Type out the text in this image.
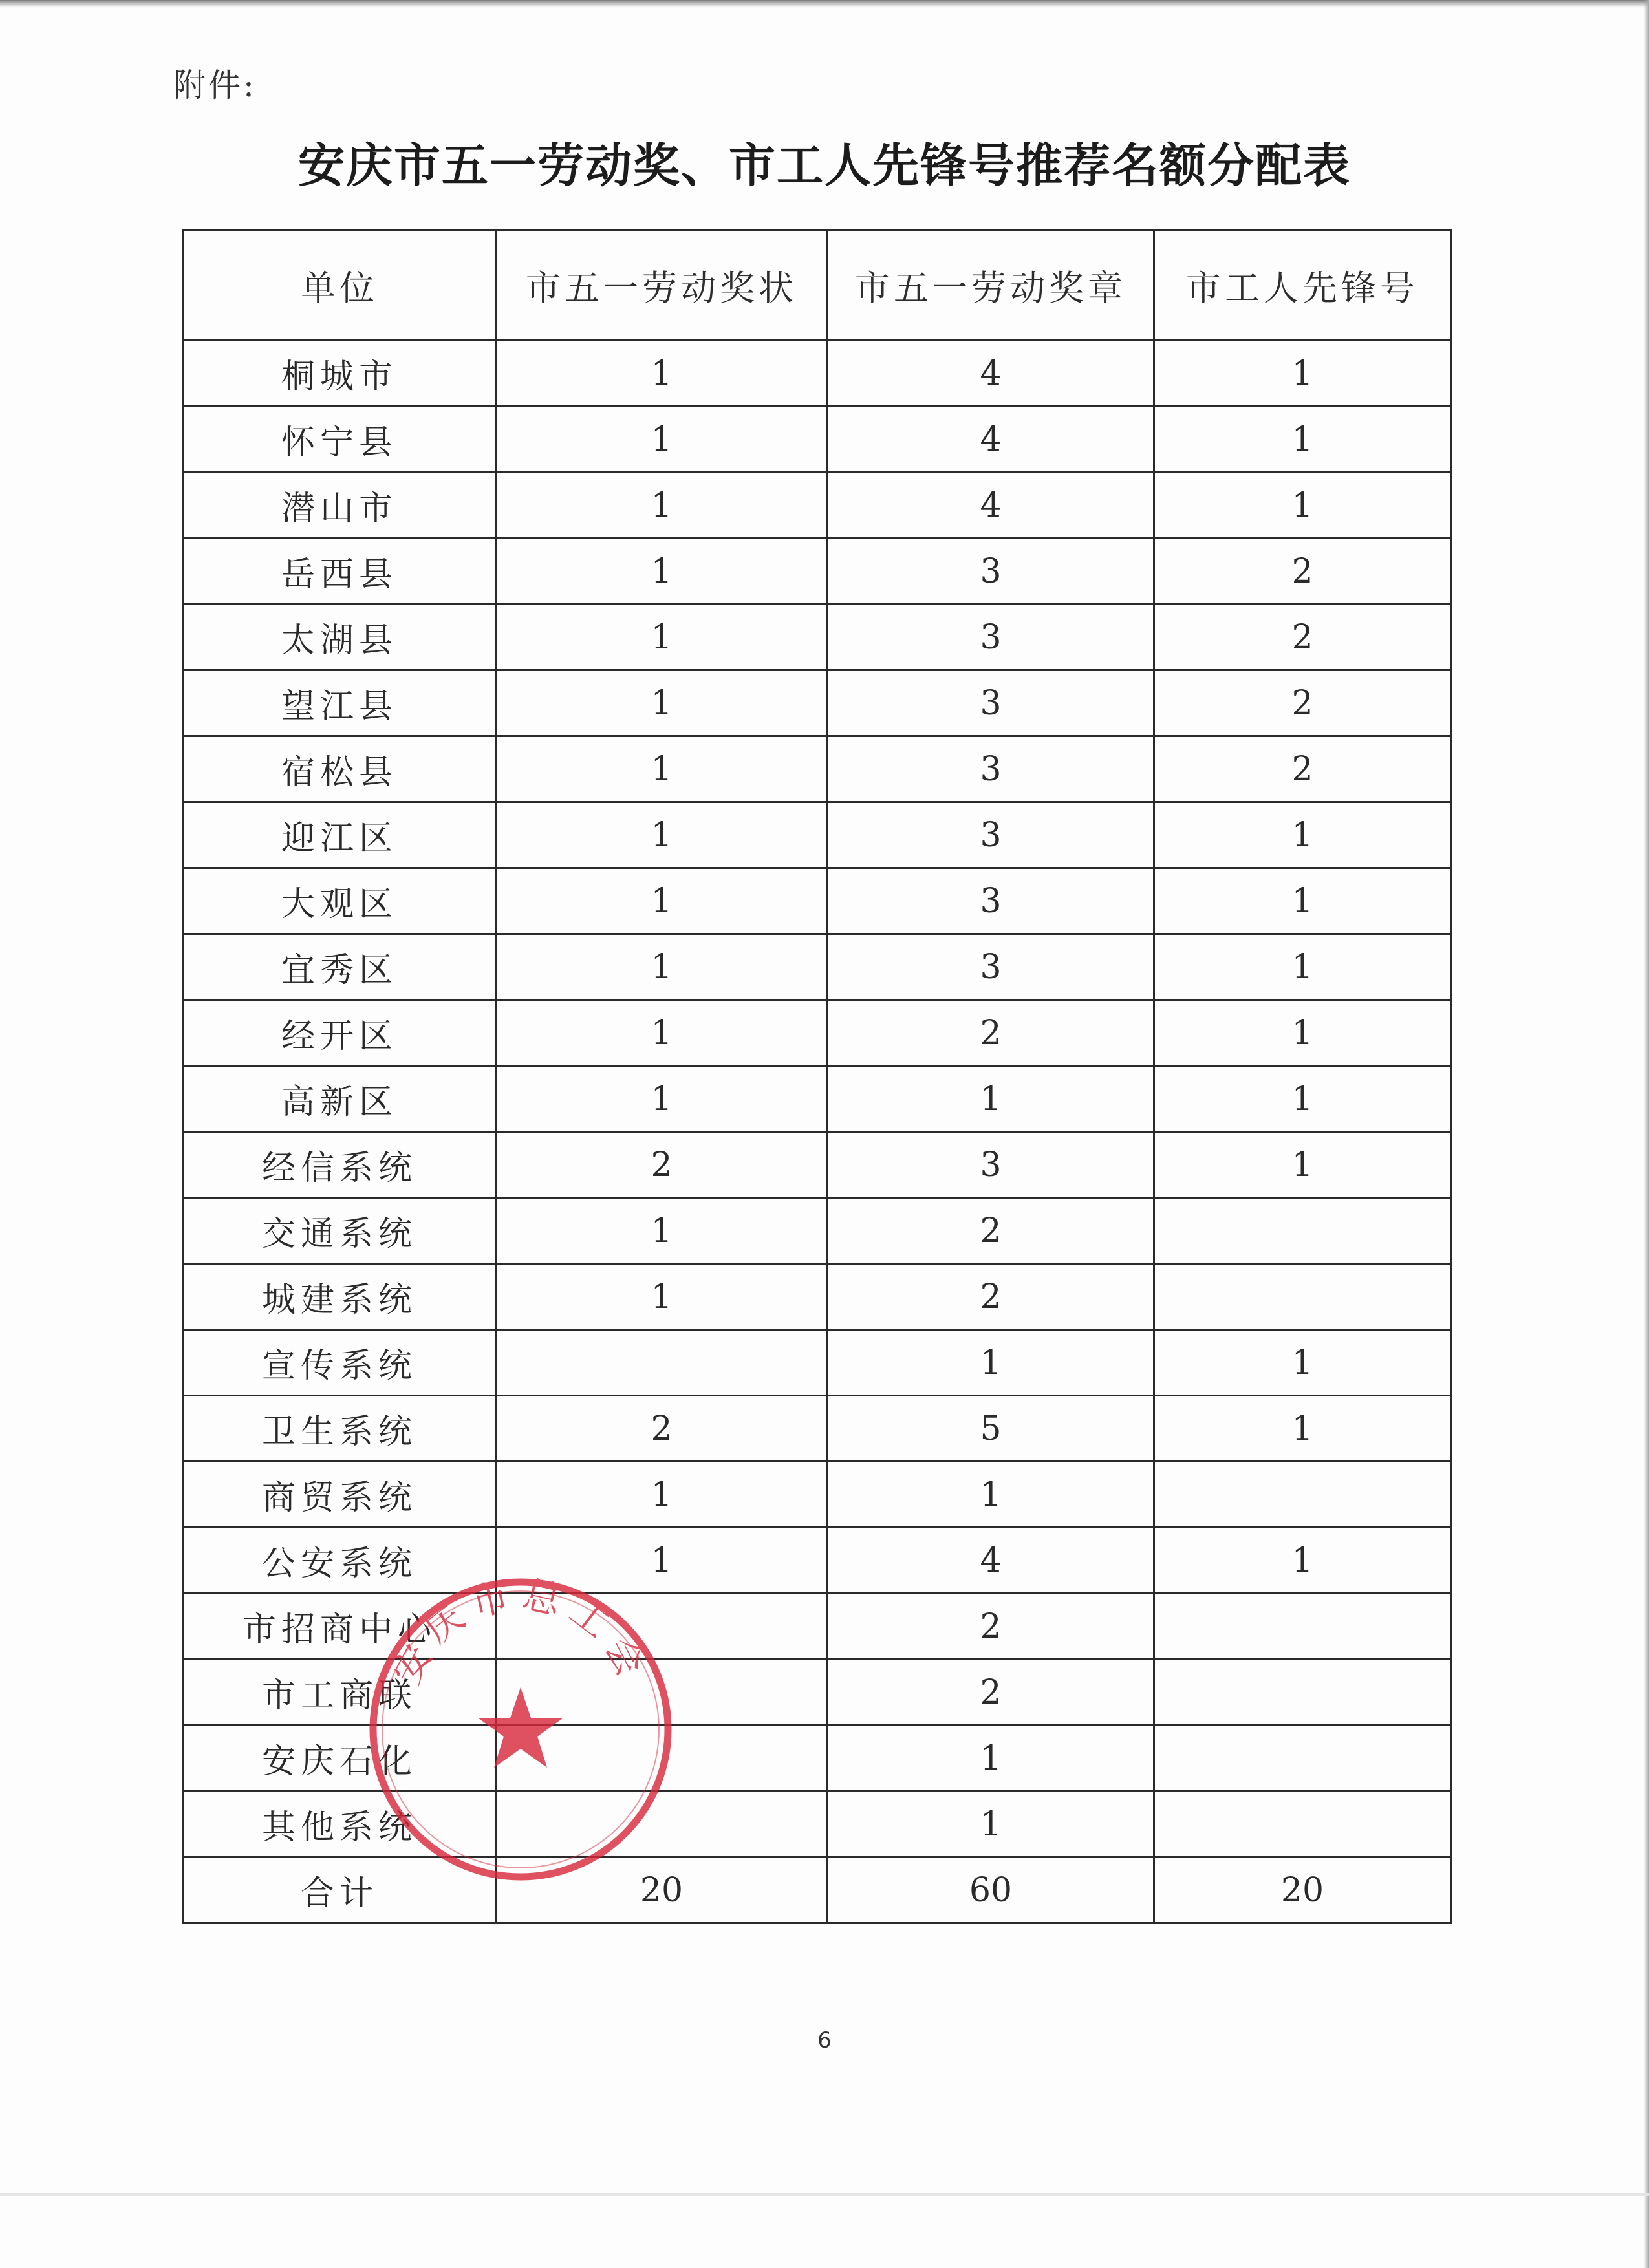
附件:
安庆市五一劳动奖、市工人先锋号推荐名额分配表
单位	市五一劳动奖状	市五一劳动奖章	市工人先锋号
桐城市	1	4	1
怀宁县	1	4	1
潜山市	1	4	1
岳西县	1	3	2
太湖县	1	3	2
望江县	1	3	2
宿松县	1	3	2
迎江区	1	3	1
大观区	1	3	1
宜秀区	1	3	1
经开区	1	2	1
高新区	1	1	1
经信系统	2	3	1
交通系统	1	2	
城建系统	1	2	
宣传系统		1	1
卫生系统	2	5	1
商贸系统	1	1	
公安系统	1	4	1
市招商中心		2	
市工商联		2	
安庆石化		1	
其他系统		1	
合计	20	60	20
安庆市总工会
6
